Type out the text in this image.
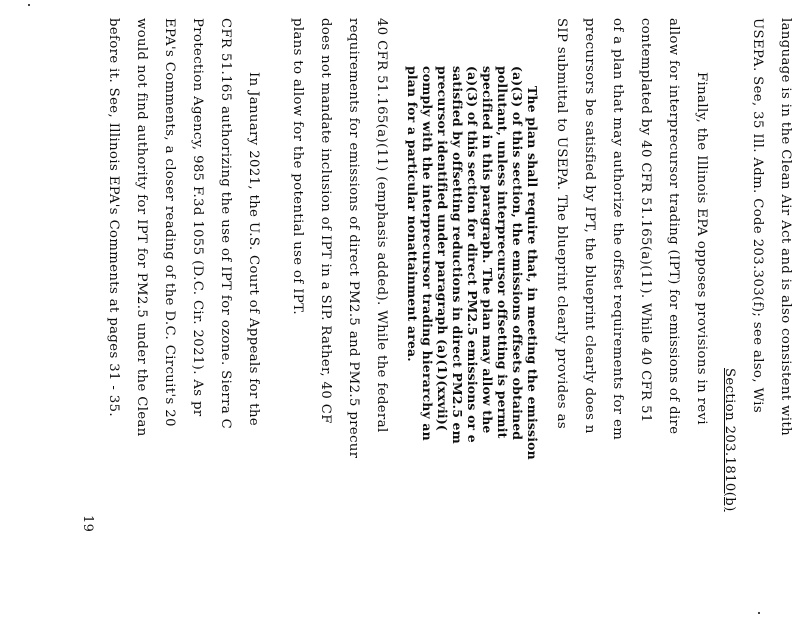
language is in the Clean Air Act and is also consistent with
USEPA. See, 35 Ill. Adm. Code 203.303(f); see also, Wis
Section 203.1810(b)
Finally, the Illinois EPA opposes provisions in revi
allow for interprecursor trading (IPT) for emissions of dire
contemplated by 40 CFR 51.165(a)(11). While 40 CFR 51
of a plan that may authorize the offset requirements for em
precursors be satisfied by IPT, the blueprint clearly does n
SIP submittal to USEPA. The blueprint clearly provides as
The plan shall require that, in meeting the emission
(a)(3) of this section, the emissions offsets obtained
pollutant, unless interprecursor offsetting is permit
specified in this paragraph. The plan may allow the
(a)(3) of this section for direct PM2.5 emissions or e
satisfied by offsetting reductions in direct PM2.5 em
precursor identified under paragraph (a)(1)(xxvii)(
comply with the interprecursor trading hierarchy an
plan for a particular nonattainment area.
40 CFR 51.165(a)(11) (emphasis added). While the federal
requirements for emissions of direct PM2.5 and PM2.5 precur
does not mandate inclusion of IPT in a SIP. Rather, 40 CF
plans to allow for the potential use of IPT.
In January 2021, the U.S. Court of Appeals for the
CFR 51.165 authorizing the use of IPT for ozone. Sierra C
Protection Agency, 985 F.3d 1055 (D.C. Cir. 2021). As pr
EPA's Comments, a closer reading of the D.C. Circuit's 20
would not find authority for IPT for PM2.5 under the Clean
before it. See, Illinois EPA's Comments at pages 31 - 35.
19
